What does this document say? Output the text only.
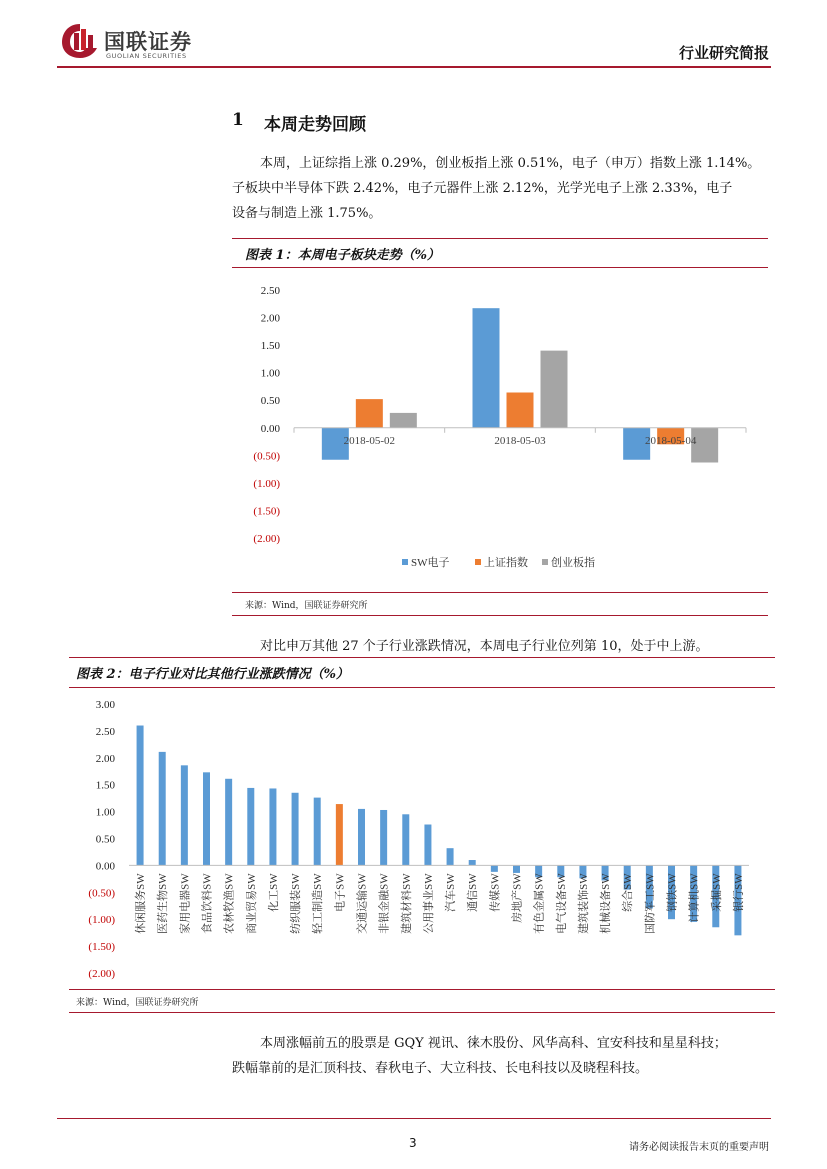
国联证券
GUOLIAN SECURITIES	行业研究简报
1 本周走势回顾
本周，上证综指上涨 0.29%，创业板指上涨 0.51%，电子（申万）指数上涨 1.14%。
子板块中半导体下跌 2.42%，电子元器件上涨 2.12%，光学光电子上涨 2.33%，电子
设备与制造上涨 1.75%。
图表 1：本周电子板块走势（%）
2.50
2.00
1.50
1.00
0.50
0.00
(0.50)
(1.00)
(1.50)
(2.00)
2018-05-02	2018-05-03	2018-05-04
SW电子	上证指数 创业板指
来源：Wind，国联证券研究所
对比申万其他 27 个子行业涨跌情况，本周电子行业位列第 10，处于中上游。
图表 2：电子行业对比其他行业涨跌情况（%）
3.00
2.50
2.00
1.50
1.00
0.50
0.00
(0.50)
(1.00)
(1.50)
(2.00)
休闲服务SW 医药生物SW 家用电器SW 食品饮料SW 农林牧渔SW 商业贸易SW 化工SW 纺织服装SW 轻工制造SW 电子SW 交通运输SW 非银金融SW 建筑材料SW 公用事业SW 汽车SW 通信SW 传媒SW 房地产SW 有色金属SW 电气设备SW 建筑装饰SW 机械设备SW 综合SW 国防军工SW 钢铁SW 计算机SW 采掘SW 银行SW
来源：Wind，国联证券研究所
本周涨幅前五的股票是 GQY 视讯、徕木股份、风华高科、宜安科技和星星科技；
跌幅靠前的是汇顶科技、春秋电子、大立科技、长电科技以及晓程科技。
3	请务必阅读报告末页的重要声明
